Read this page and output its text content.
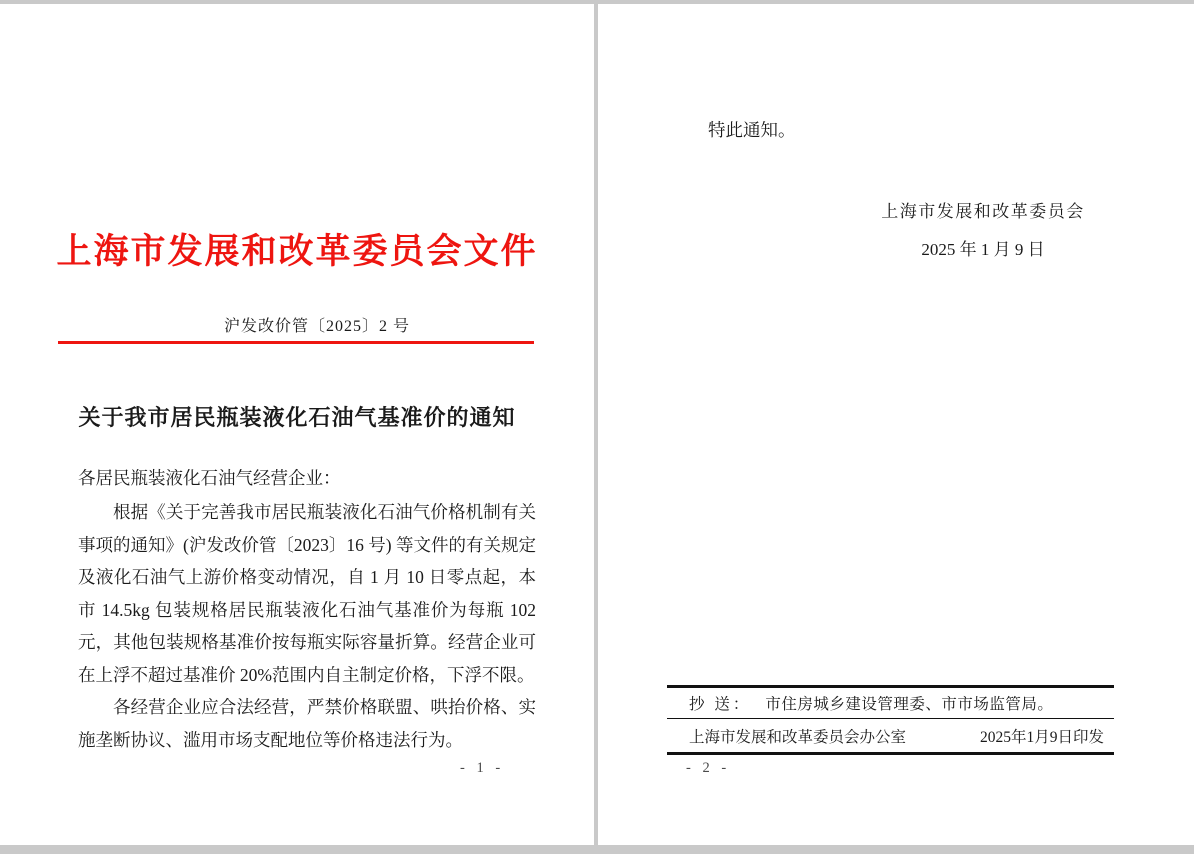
上海市发展和改革委员会文件
沪发改价管〔2025〕2 号
关于我市居民瓶装液化石油气基准价的通知
各居民瓶装液化石油气经营企业：

根据《关于完善我市居民瓶装液化石油气价格机制有关事项的通知》(沪发改价管〔2023〕16 号) 等文件的有关规定及液化石油气上游价格变动情况，自 1 月 10 日零点起，本市 14.5kg 包装规格居民瓶装液化石油气基准价为每瓶 102 元，其他包装规格基准价按每瓶实际容量折算。经营企业可在上浮不超过基准价 20%范围内自主制定价格，下浮不限。

各经营企业应合法经营，严禁价格联盟、哄抬价格、实施垄断协议、滥用市场支配地位等价格违法行为。

- 1 -
特此通知。
上海市发展和改革委员会
2025 年 1 月 9 日
抄 送： 市住房城乡建设管理委、市市场监管局。
上海市发展和改革委员会办公室	2025年1月9日印发
- 2 -
